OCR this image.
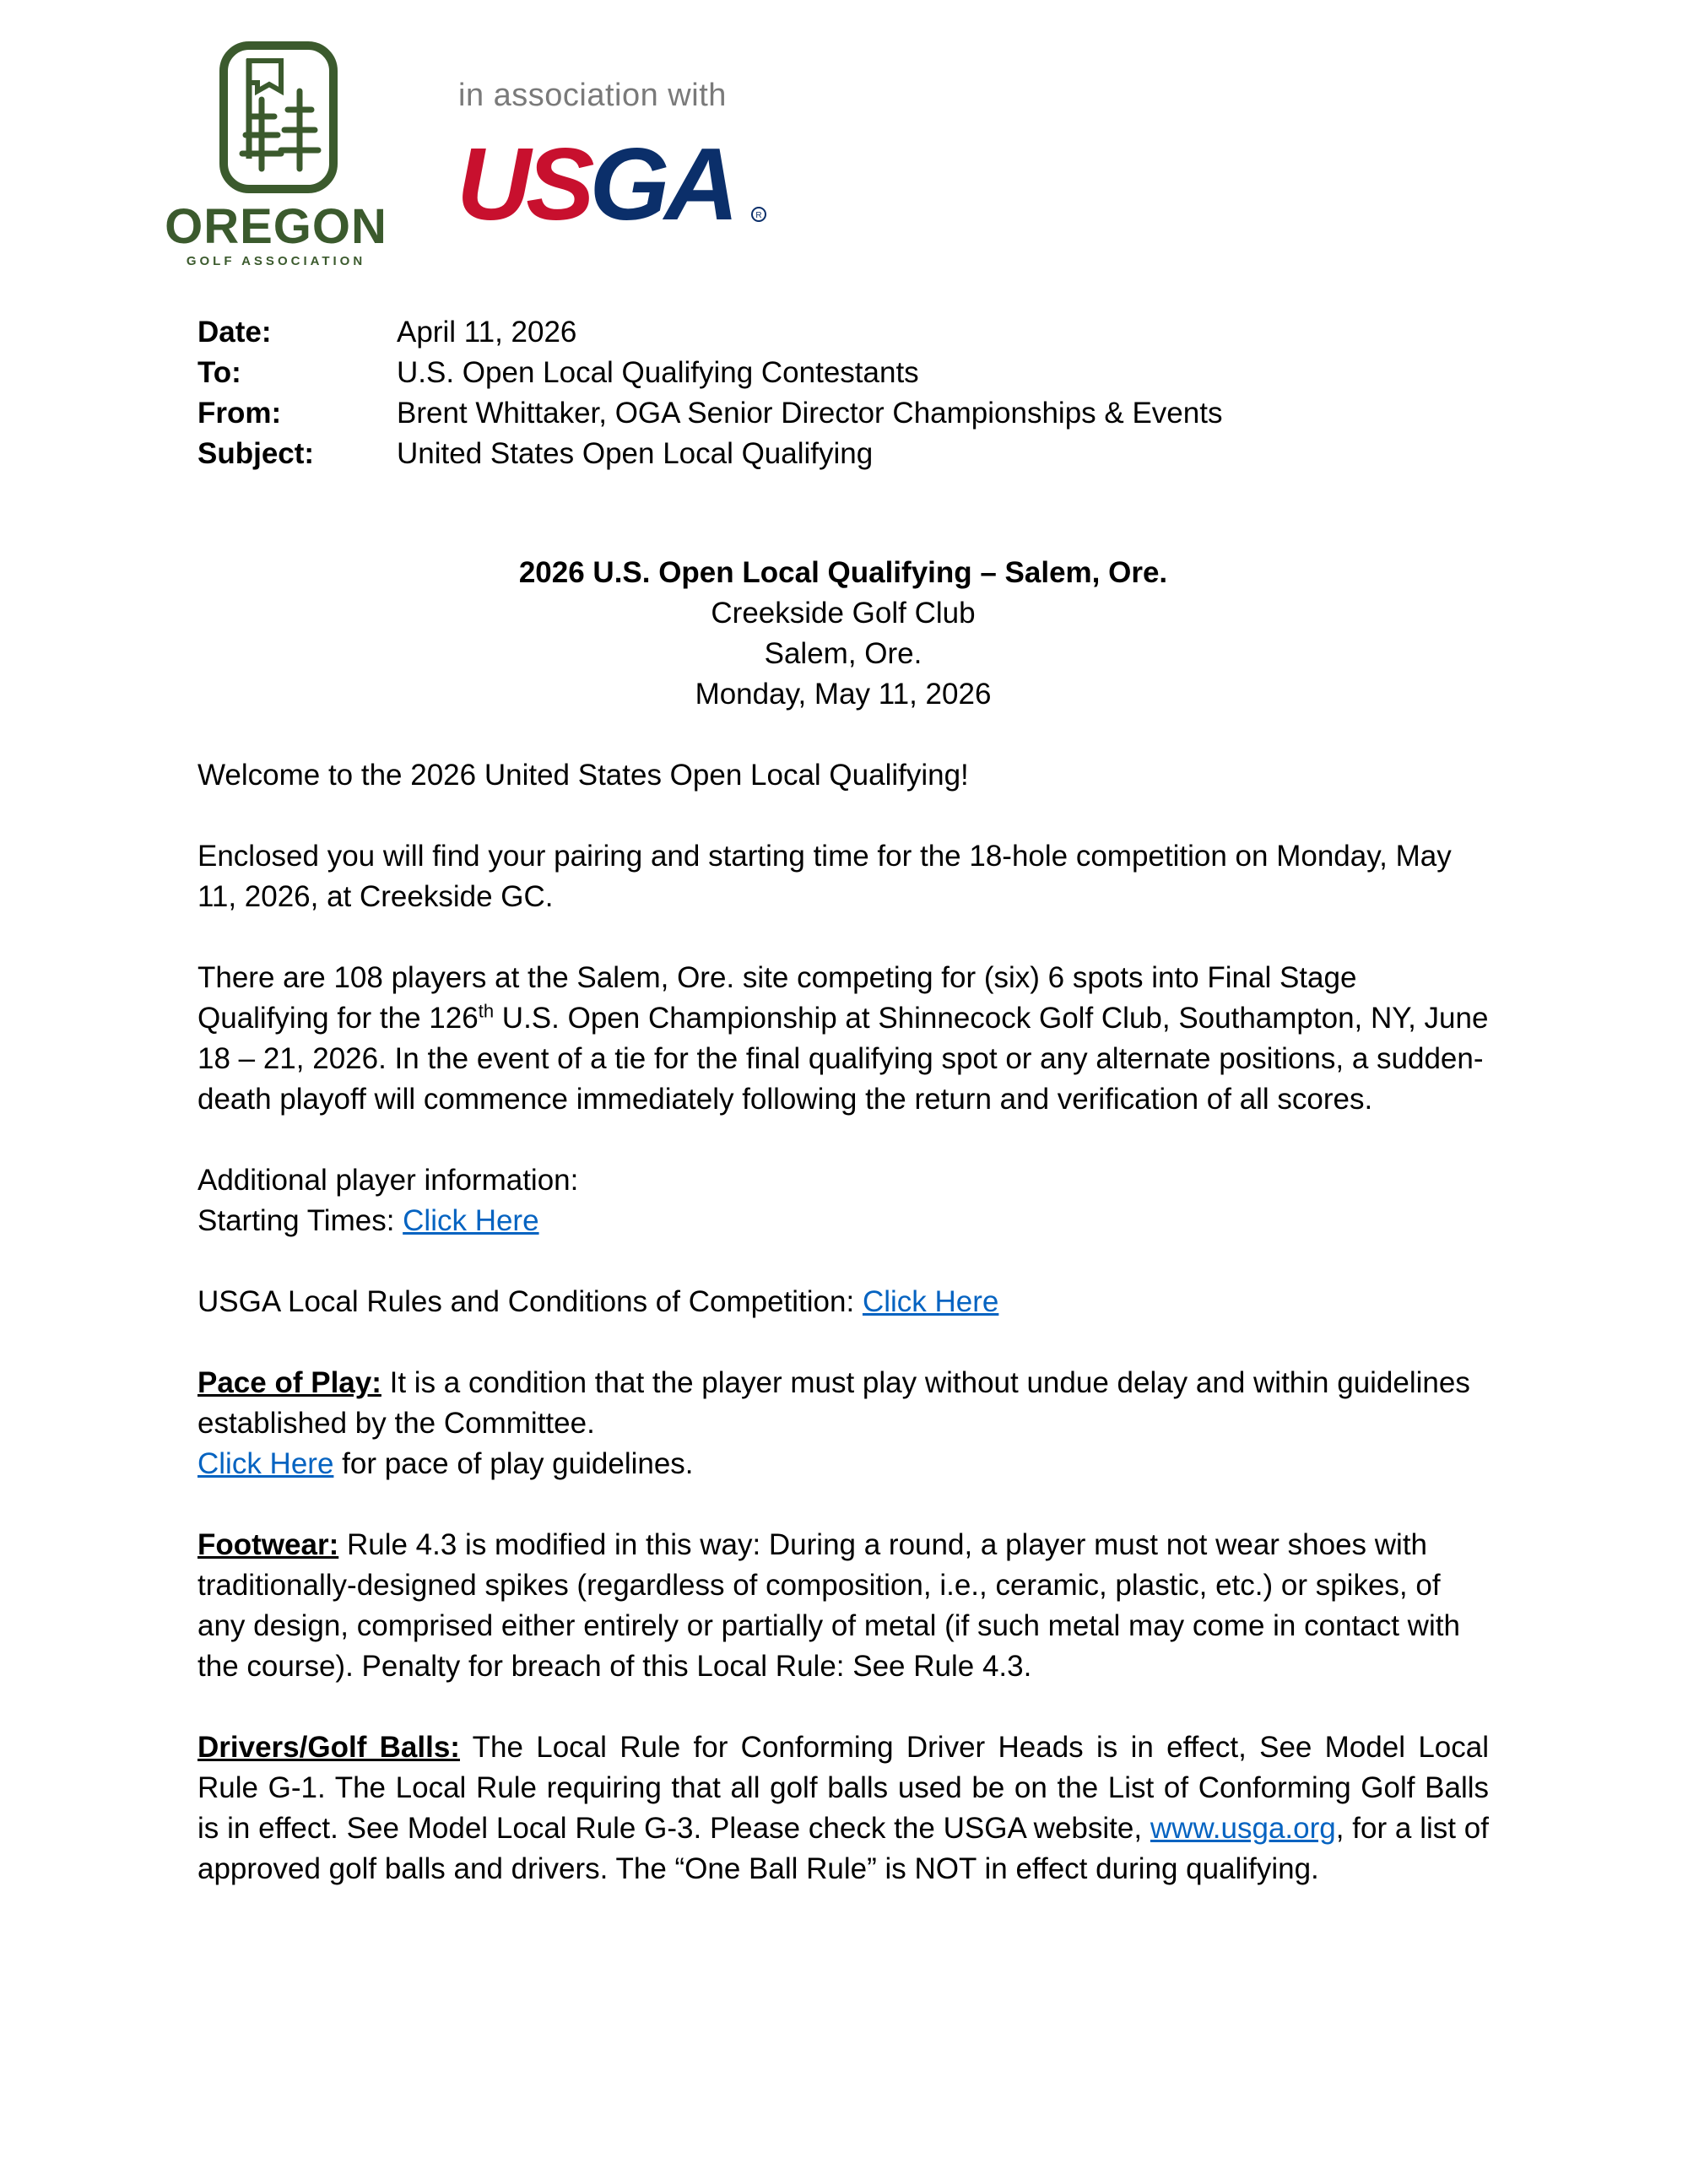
OREGON
GOLF ASSOCIATION
in association with
USGA	R
Date:	April 11, 2026
To:	U.S. Open Local Qualifying Contestants
From:	Brent Whittaker, OGA Senior Director Championships & Events
Subject:	United States Open Local Qualifying
2026 U.S. Open Local Qualifying – Salem, Ore.
Creekside Golf Club
Salem, Ore.
Monday, May 11, 2026

Welcome to the 2026 United States Open Local Qualifying!

Enclosed you will find your pairing and starting time for the 18-hole competition on Monday, May 11, 2026, at Creekside GC.

There are 108 players at the Salem, Ore. site competing for (six) 6 spots into Final Stage Qualifying for the 126th U.S. Open Championship at Shinnecock Golf Club, Southampton, NY, June 18 – 21, 2026. In the event of a tie for the final qualifying spot or any alternate positions, a sudden-death playoff will commence immediately following the return and verification of all scores.

Additional player information:
Starting Times: Click Here

USGA Local Rules and Conditions of Competition: Click Here

Pace of Play: It is a condition that the player must play without undue delay and within guidelines established by the Committee.
Click Here for pace of play guidelines.

Footwear: Rule 4.3 is modified in this way: During a round, a player must not wear shoes with traditionally-designed spikes (regardless of composition, i.e., ceramic, plastic, etc.) or spikes, of any design, comprised either entirely or partially of metal (if such metal may come in contact with the course). Penalty for breach of this Local Rule: See Rule 4.3.

Drivers/Golf Balls: The Local Rule for Conforming Driver Heads is in effect, See Model Local Rule G-1. The Local Rule requiring that all golf balls used be on the List of Conforming Golf Balls is in effect. See Model Local Rule G-3. Please check the USGA website, www.usga.org, for a list of approved golf balls and drivers. The “One Ball Rule” is NOT in effect during qualifying.
